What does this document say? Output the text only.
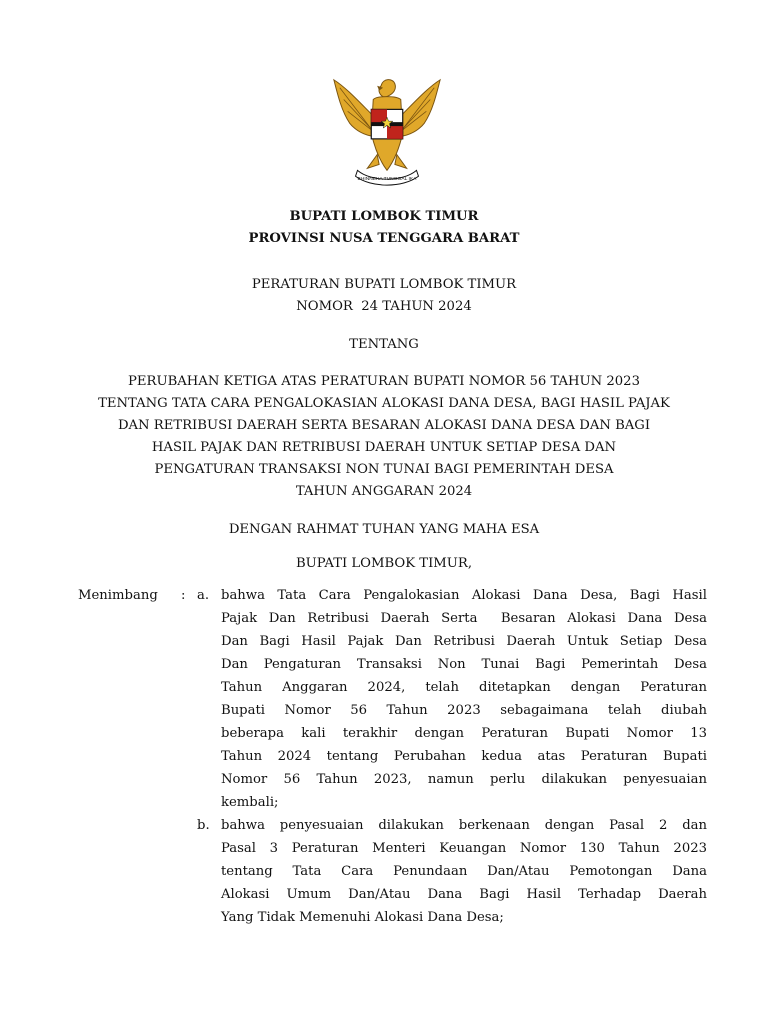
BHINNEKA TUNGGAL IKA
BUPATI LOMBOK TIMUR
PROVINSI NUSA TENGGARA BARAT
PERATURAN BUPATI LOMBOK TIMUR
NOMOR  24 TAHUN 2024
TENTANG
PERUBAHAN KETIGA ATAS PERATURAN BUPATI NOMOR 56 TAHUN 2023
TENTANG TATA CARA PENGALOKASIAN ALOKASI DANA DESA, BAGI HASIL PAJAK
DAN RETRIBUSI DAERAH SERTA BESARAN ALOKASI DANA DESA DAN BAGI
HASIL PAJAK DAN RETRIBUSI DAERAH UNTUK SETIAP DESA DAN
PENGATURAN TRANSAKSI NON TUNAI BAGI PEMERINTAH DESA
TAHUN ANGGARAN 2024
DENGAN RAHMAT TUHAN YANG MAHA ESA
BUPATI LOMBOK TIMUR,
Menimbang	: a. bahwa Tata Cara Pengalokasian Alokasi Dana Desa, Bagi Hasil
Pajak Dan Retribusi Daerah Serta  Besaran Alokasi Dana Desa
Dan Bagi Hasil Pajak Dan Retribusi Daerah Untuk Setiap Desa
Dan Pengaturan Transaksi Non Tunai Bagi Pemerintah Desa
Tahun Anggaran 2024, telah ditetapkan dengan Peraturan
Bupati Nomor 56 Tahun 2023 sebagaimana telah diubah
beberapa kali terakhir dengan Peraturan Bupati Nomor 13
Tahun 2024 tentang Perubahan kedua atas Peraturan Bupati
Nomor 56 Tahun 2023, namun perlu dilakukan penyesuaian
kembali;
b. bahwa penyesuaian dilakukan berkenaan dengan Pasal 2 dan
Pasal 3 Peraturan Menteri Keuangan Nomor 130 Tahun 2023
tentang Tata Cara Penundaan Dan/Atau Pemotongan Dana
Alokasi Umum Dan/Atau Dana Bagi Hasil Terhadap Daerah
Yang Tidak Memenuhi Alokasi Dana Desa;
